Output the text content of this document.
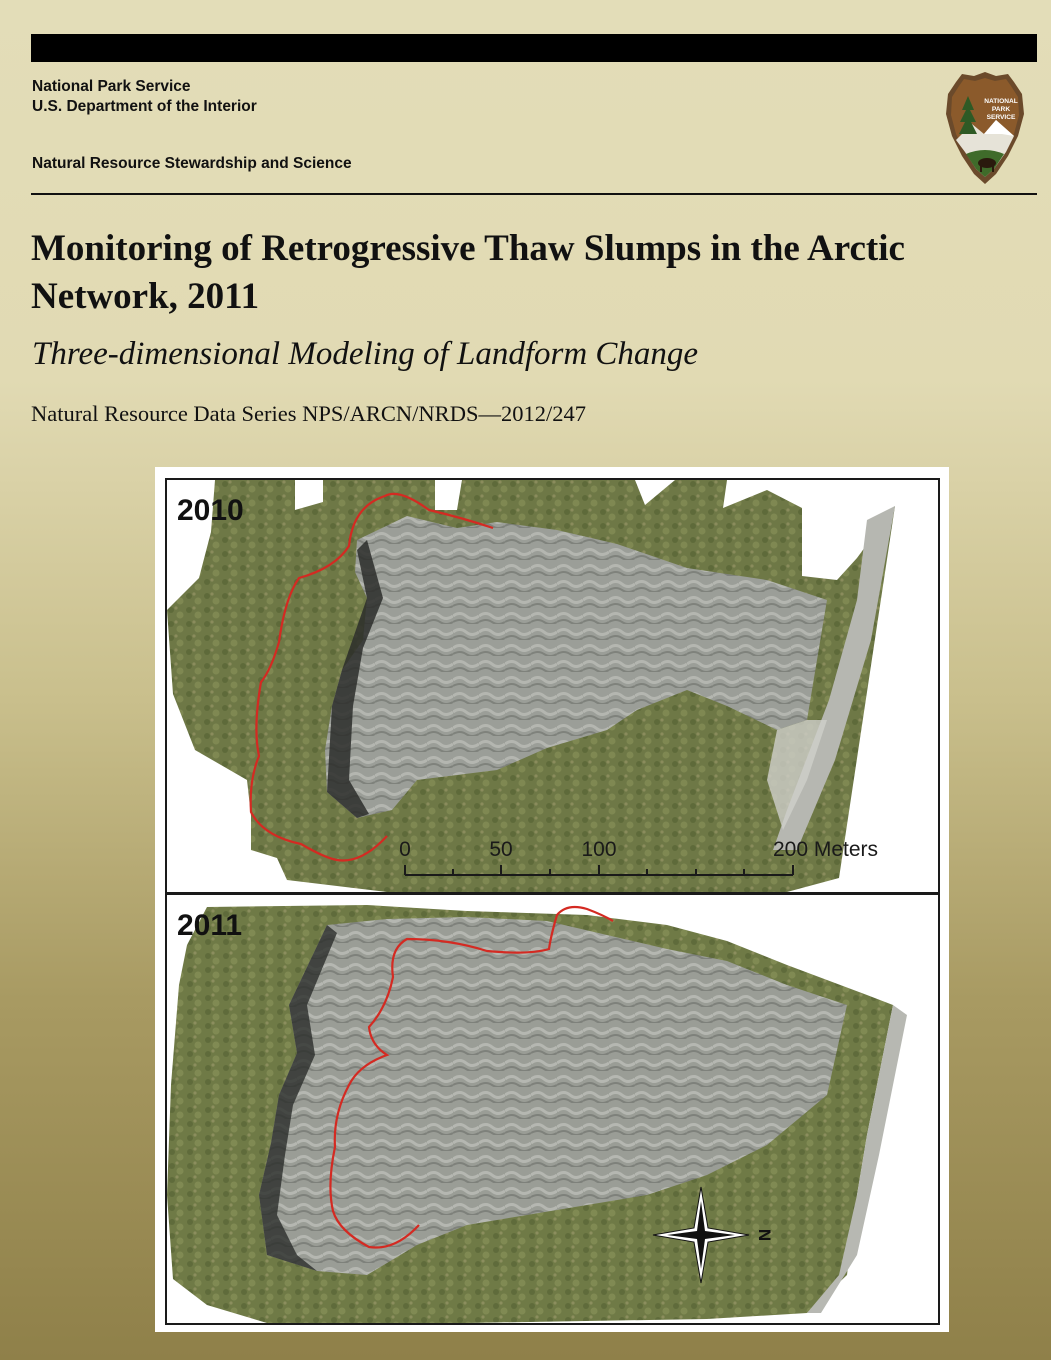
National Park Service
U.S. Department of the Interior
Natural Resource Stewardship and Science
NATIONAL
PARK
SERVICE
Monitoring of Retrogressive Thaw Slumps in the Arctic Network, 2011
Three-dimensional Modeling of Landform Change
Natural Resource Data Series NPS/ARCN/NRDS—2012/247
0	50	100	200 Meters
2010
N
2011
